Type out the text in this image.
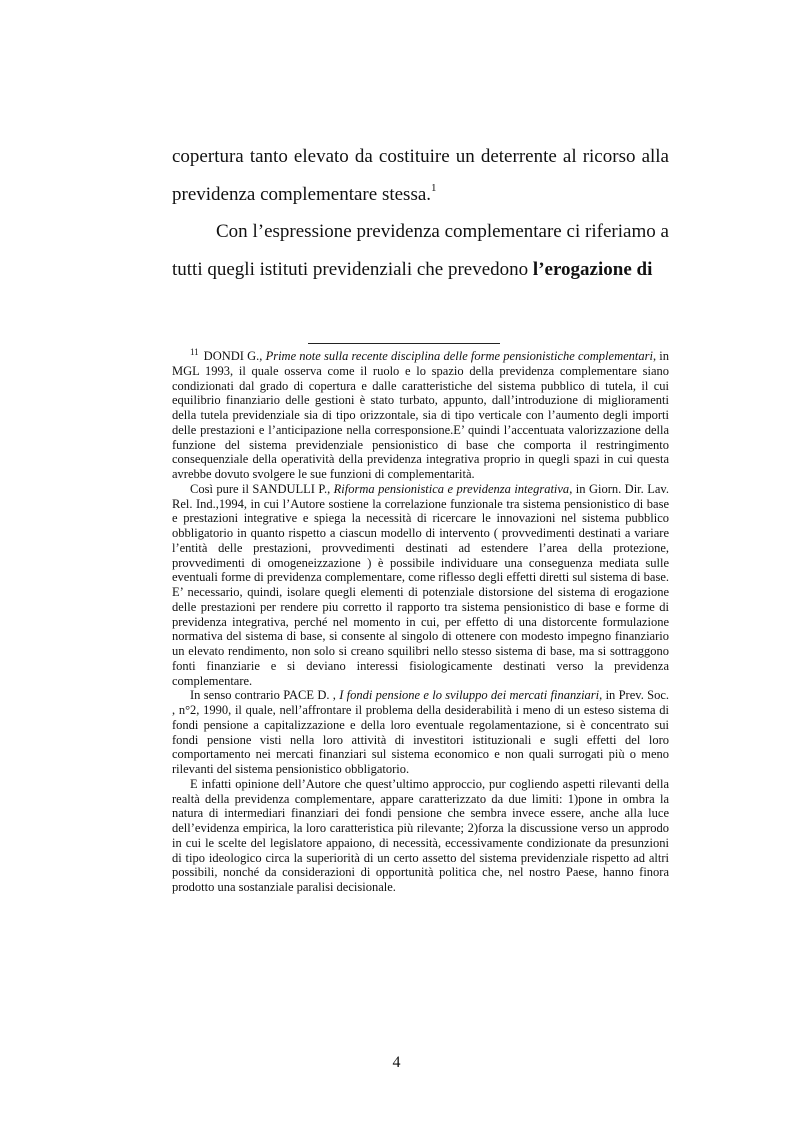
copertura tanto elevato da costituire un deterrente al ricorso alla previdenza complementare stessa.$^1$

Con l’espressione previdenza complementare ci riferiamo a tutti quegli istituti previdenziali che prevedono l’erogazione di

$^{11}$ DONDI G., Prime note sulla recente disciplina delle forme pensionistiche complementari, in MGL 1993, il quale osserva come il ruolo e lo spazio della previdenza complementare siano condizionati dal grado di copertura e dalle caratteristiche del sistema pubblico di tutela, il cui equilibrio finanziario delle gestioni è stato turbato, appunto, dall’introduzione di miglioramenti della tutela previdenziale sia di tipo orizzontale, sia di tipo verticale con l’aumento degli importi delle prestazioni e l’anticipazione nella corresponsione.E’ quindi l’accentuata valorizzazione della funzione del sistema previdenziale pensionistico di base che comporta il restringimento consequenziale della operatività della previdenza integrativa proprio in quegli spazi in cui questa avrebbe dovuto svolgere le sue funzioni di complementarità.

Così pure il SANDULLI P., Riforma pensionistica e previdenza integrativa, in Giorn. Dir. Lav. Rel. Ind.,1994, in cui l’Autore sostiene la correlazione funzionale tra sistema pensionistico di base e prestazioni integrative e spiega la necessità di ricercare le innovazioni nel sistema pubblico obbligatorio in quanto rispetto a ciascun modello di intervento ( provvedimenti destinati a variare l’entità delle prestazioni, provvedimenti destinati ad estendere l’area della protezione, provvedimenti di omogeneizzazione ) è possibile individuare una conseguenza mediata sulle eventuali forme di previdenza complementare, come riflesso degli effetti diretti sul sistema di base. E’ necessario, quindi, isolare quegli elementi di potenziale distorsione del sistema di erogazione delle prestazioni per rendere piu corretto il rapporto tra sistema pensionistico di base e forme di previdenza integrativa, perché nel momento in cui, per effetto di una distorcente formulazione normativa del sistema di base, si consente al singolo di ottenere con modesto impegno finanziario un elevato rendimento, non solo si creano squilibri nello stesso sistema di base, ma si sottraggono fonti finanziarie e si deviano interessi fisiologicamente destinati verso la previdenza complementare.

In senso contrario PACE D. , I fondi pensione e lo sviluppo dei mercati finanziari, in Prev. Soc. , n°2, 1990, il quale, nell’affrontare il problema della desiderabilità i meno di un esteso sistema di fondi pensione a capitalizzazione e della loro eventuale regolamentazione, si è concentrato sui fondi pensione visti nella loro attività di investitori istituzionali e sugli effetti del loro comportamento nei mercati finanziari sul sistema economico e non quali surrogati più o meno rilevanti del sistema pensionistico obbligatorio.

E infatti opinione dell’Autore che quest’ultimo approccio, pur cogliendo aspetti rilevanti della realtà della previdenza complementare, appare caratterizzato da due limiti: 1)pone in ombra la natura di intermediari finanziari dei fondi pensione che sembra invece essere, anche alla luce dell’evidenza empirica, la loro caratteristica più rilevante; 2)forza la discussione verso un approdo in cui le scelte del legislatore appaiono, di necessità, eccessivamente condizionate da presunzioni di tipo ideologico circa la superiorità di un certo assetto del sistema previdenziale rispetto ad altri possibili, nonché da considerazioni di opportunità politica che, nel nostro Paese, hanno finora prodotto una sostanziale paralisi decisionale.

4
